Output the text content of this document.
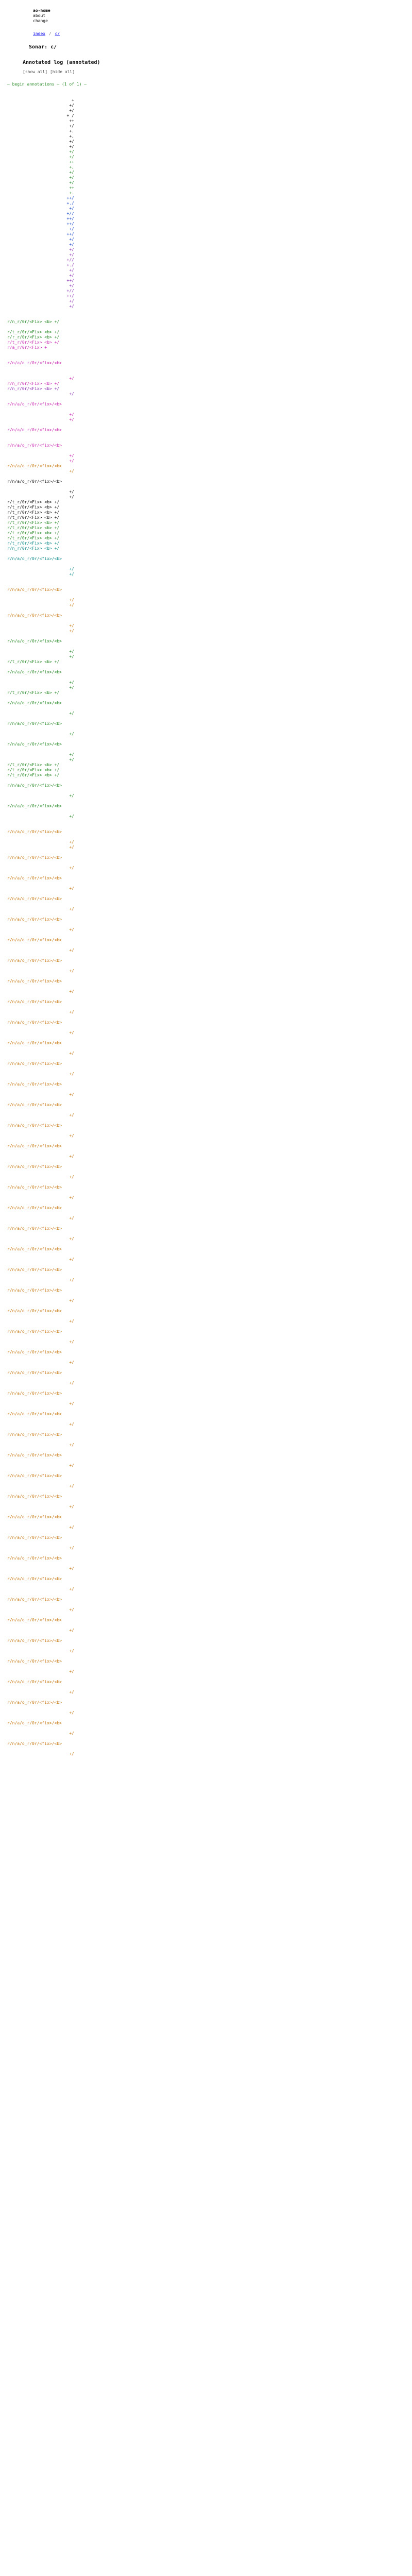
ao-home
about
change
index / c/
Sonar: c/
Annotated log (annotated)
[show all] [hide all]
— begin annotations — (1 of 1) —
+
+/
+/
+ /
++
+/
+.
+,
+/
+/
+/
+/
++
+,
+/
+/
+/
++
+.
++/
+./
+/
+//
++/
++/
+/
++/
+/
+/
+/
+/
+//
+./
+/
+/
++/
+/
+//
++/
+/
+/
r/n_r/0r/<Fix> <b> +/
r/t_r/0r/<Fix> <b> +/
r/r_r/0r/<Fix> <b> +/
r/t_r/0r/<Fix> <b> +/
r/a_r/0r/<Fix> +
r/n/a/o_r/0r/<fix>/<b>
+/
r/n_r/0r/<Fix> <b> +/
r/n_r/0r/<Fix> <b> +/
+/
r/n/a/o_r/0r/<fix>/<b>
+/
+/
r/n/a/o_r/0r/<fix>/<b>
r/n/a/o_r/0r/<fix>/<b>
+/
+/
r/n/a/o_r/0r/<fix>/<b>
+/
r/n/a/o_r/0r/<fix>/<b>
+/
+/
r/t_r/0r/<Fix> <b> +/
r/t_r/0r/<Fix> <b> +/
r/t_r/0r/<Fix> <b> +/
r/t_r/0r/<Fix> <b> +/
r/t_r/0r/<Fix> <b> +/
r/t_r/0r/<Fix> <b> +/
r/t_r/0r/<Fix> <b> +/
r/t_r/0r/<Fix> <b> +/
r/t_r/0r/<Fix> <b> +/
r/n_r/0r/<Fix> <b> +/
r/n/a/o_r/0r/<fix>/<b>
+/
+/
r/n/a/o_r/0r/<fix>/<b>
+/
+/
r/n/a/o_r/0r/<fix>/<b>
+/
+/
r/n/a/o_r/0r/<fix>/<b>
+/
+/
r/t_r/0r/<Fix> <b> +/
r/n/a/o_r/0r/<fix>/<b>
+/
+/
r/t_r/0r/<Fix> <b> +/
r/n/a/o_r/0r/<fix>/<b>
+/
r/n/a/o_r/0r/<fix>/<b>
+/
r/n/a/o_r/0r/<fix>/<b>
+/
+/
r/t_r/0r/<Fix> <b> +/
r/t_r/0r/<Fix> <b> +/
r/t_r/0r/<Fix> <b> +/
r/n/a/o_r/0r/<fix>/<b>
+/
r/n/a/o_r/0r/<fix>/<b>
+/
r/n/a/o_r/0r/<fix>/<b>
+/
+/
r/n/a/o_r/0r/<fix>/<b>
+/
r/n/a/o_r/0r/<fix>/<b>
+/
r/n/a/o_r/0r/<fix>/<b>
+/
r/n/a/o_r/0r/<fix>/<b>
+/
r/n/a/o_r/0r/<fix>/<b>
+/
r/n/a/o_r/0r/<fix>/<b>
+/
r/n/a/o_r/0r/<fix>/<b>
+/
r/n/a/o_r/0r/<fix>/<b>
+/
r/n/a/o_r/0r/<fix>/<b>
+/
r/n/a/o_r/0r/<fix>/<b>
+/
r/n/a/o_r/0r/<fix>/<b>
+/
r/n/a/o_r/0r/<fix>/<b>
+/
r/n/a/o_r/0r/<fix>/<b>
+/
r/n/a/o_r/0r/<fix>/<b>
+/
r/n/a/o_r/0r/<fix>/<b>
+/
r/n/a/o_r/0r/<fix>/<b>
+/
r/n/a/o_r/0r/<fix>/<b>
+/
r/n/a/o_r/0r/<fix>/<b>
+/
r/n/a/o_r/0r/<fix>/<b>
+/
r/n/a/o_r/0r/<fix>/<b>
+/
r/n/a/o_r/0r/<fix>/<b>
+/
r/n/a/o_r/0r/<fix>/<b>
+/
r/n/a/o_r/0r/<fix>/<b>
+/
r/n/a/o_r/0r/<fix>/<b>
+/
r/n/a/o_r/0r/<fix>/<b>
+/
r/n/a/o_r/0r/<fix>/<b>
+/
r/n/a/o_r/0r/<fix>/<b>
+/
r/n/a/o_r/0r/<fix>/<b>
+/
r/n/a/o_r/0r/<fix>/<b>
+/
r/n/a/o_r/0r/<fix>/<b>
+/
r/n/a/o_r/0r/<fix>/<b>
+/
r/n/a/o_r/0r/<fix>/<b>
+/
r/n/a/o_r/0r/<fix>/<b>
+/
r/n/a/o_r/0r/<fix>/<b>
+/
r/n/a/o_r/0r/<fix>/<b>
+/
r/n/a/o_r/0r/<fix>/<b>
+/
r/n/a/o_r/0r/<fix>/<b>
+/
r/n/a/o_r/0r/<fix>/<b>
+/
r/n/a/o_r/0r/<fix>/<b>
+/
r/n/a/o_r/0r/<fix>/<b>
+/
r/n/a/o_r/0r/<fix>/<b>
+/
r/n/a/o_r/0r/<fix>/<b>
+/
r/n/a/o_r/0r/<fix>/<b>
+/
r/n/a/o_r/0r/<fix>/<b>
+/
